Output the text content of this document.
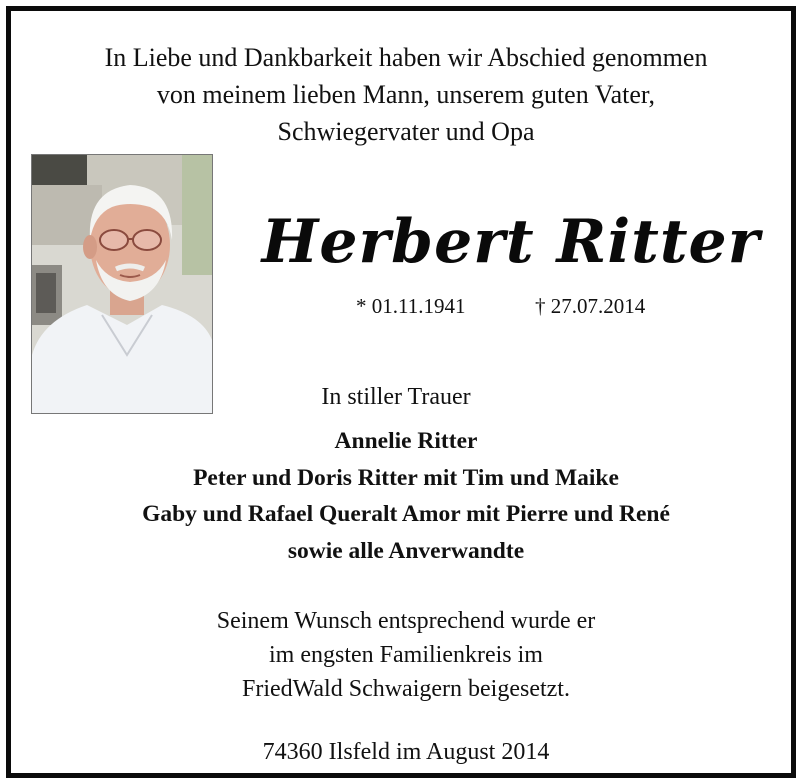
In Liebe und Dankbarkeit haben wir Abschied genommen
von meinem lieben Mann, unserem guten Vater,
Schwiegervater und Opa
Herbert Ritter
* 01.11.1941	† 27.07.2014
In stiller Trauer
Annelie Ritter
Peter und Doris Ritter mit Tim und Maike
Gaby und Rafael Queralt Amor mit Pierre und René
sowie alle Anverwandte
Seinem Wunsch entsprechend wurde er
im engsten Familienkreis im
FriedWald Schwaigern beigesetzt.
74360 Ilsfeld im August 2014
